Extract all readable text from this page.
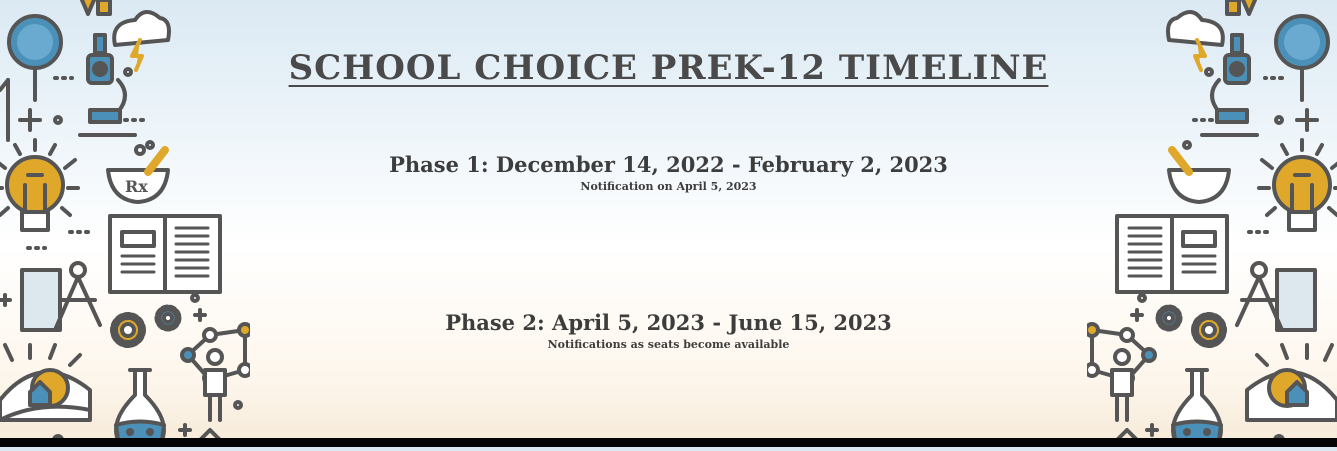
Rx
SCHOOL CHOICE PREK-12 TIMELINE
Phase 1: December 14, 2022 - February 2, 2023
Notification on April 5, 2023
Phase 2: April 5, 2023 - June 15, 2023
Notifications as seats become available
